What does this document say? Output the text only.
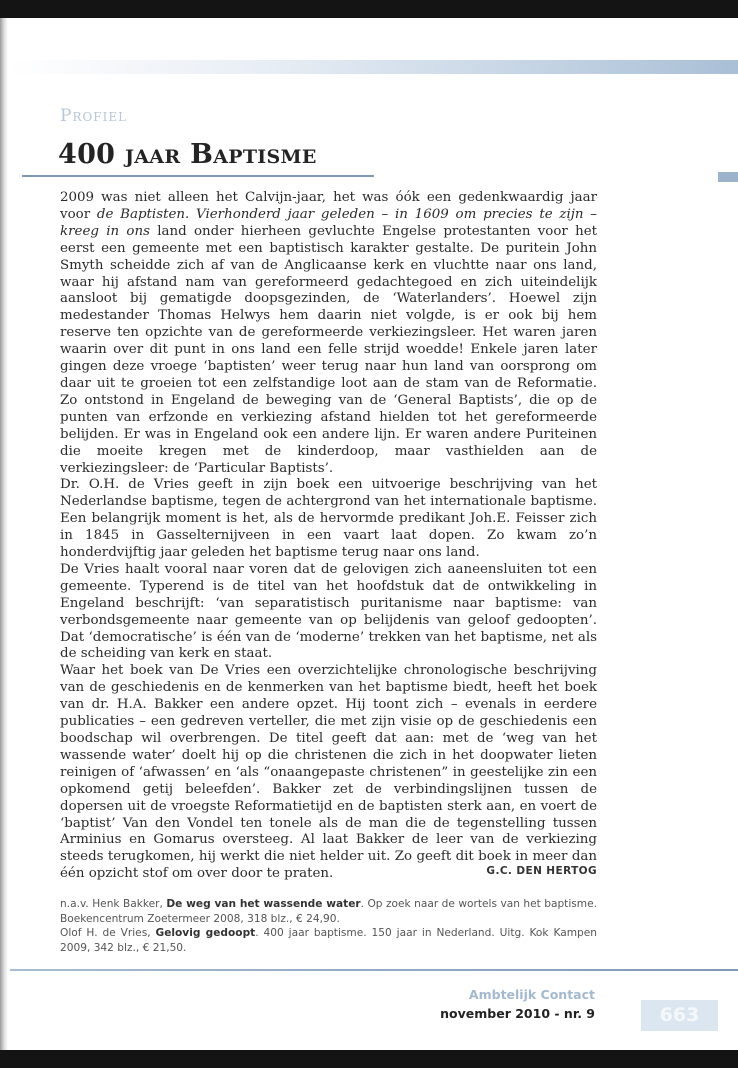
Profiel
400 jaar Baptisme

2009 was niet alleen het Calvijn-jaar, het was óók een gedenkwaardig jaar voor de Baptisten. Vierhonderd jaar geleden – in 1609 om precies te zijn – kreeg in ons land onder hierheen gevluchte Engelse protestanten voor het eerst een gemeente met een baptistisch karakter gestalte. De puritein John Smyth scheidde zich af van de Anglicaanse kerk en vluchtte naar ons land, waar hij afstand nam van gereformeerd gedachtegoed en zich uiteindelijk aansloot bij gematigde doopsgezinden, de ‘Waterlanders’. Hoewel zijn medestander Thomas Helwys hem daarin niet volgde, is er ook bij hem reserve ten opzichte van de gereformeerde verkiezingsleer. Het waren jaren waarin over dit punt in ons land een felle strijd woedde! Enkele jaren later gingen deze vroege ‘baptisten’ weer terug naar hun land van oorsprong om daar uit te groeien tot een zelfstandige loot aan de stam van de Reformatie. Zo ontstond in Engeland de beweging van de ‘General Baptists’, die op de punten van erfzonde en verkiezing afstand hielden tot het gereformeerde belijden. Er was in Engeland ook een andere lijn. Er waren andere Puriteinen die moeite kregen met de kinderdoop, maar vasthielden aan de verkiezingsleer: de ‘Particular Baptists’.

Dr. O.H. de Vries geeft in zijn boek een uitvoerige beschrijving van het Nederlandse baptisme, tegen de achtergrond van het internationale baptisme. Een belangrijk moment is het, als de hervormde predikant Joh.E. Feisser zich in 1845 in Gasselternijveen in een vaart laat dopen. Zo kwam zo’n honderdvijftig jaar geleden het baptisme terug naar ons land.

De Vries haalt vooral naar voren dat de gelovigen zich aaneensluiten tot een gemeente. Typerend is de titel van het hoofdstuk dat de ontwikkeling in Engeland beschrijft: ‘van separatistisch puritanisme naar baptisme: van verbondsgemeente naar gemeente van op belijdenis van geloof gedoopten’. Dat ‘democratische’ is één van de ‘moderne’ trekken van het baptisme, net als de scheiding van kerk en staat.

Waar het boek van De Vries een overzichtelijke chronologische beschrijving van de geschiedenis en de kenmerken van het baptisme biedt, heeft het boek van dr. H.A. Bakker een andere opzet. Hij toont zich – evenals in eerdere publicaties – een gedreven verteller, die met zijn visie op de geschiedenis een boodschap wil overbrengen. De titel geeft dat aan: met de ‘weg van het wassende water’ doelt hij op die christenen die zich in het doopwater lieten reinigen of ‘afwassen’ en ‘als “onaangepaste christenen” in geestelijke zin een opkomend getij beleefden’. Bakker zet de verbindingslijnen tussen de dopersen uit de vroegste Reformatietijd en de baptisten sterk aan, en voert de ‘baptist’ Van den Vondel ten tonele als de man die de tegenstelling tussen Arminius en Gomarus oversteeg. Al laat Bakker de leer van de verkiezing steeds terugkomen, hij werkt die niet helder uit. Zo geeft dit boek in meer dan één opzicht stof om over door te praten.	G.C. DEN HERTOG

n.a.v. Henk Bakker, De weg van het wassende water. Op zoek naar de wortels van het baptisme. Boekencentrum Zoetermeer 2008, 318 blz., € 24,90.

Olof H. de Vries, Gelovig gedoopt. 400 jaar baptisme. 150 jaar in Nederland. Uitg. Kok Kampen 2009, 342 blz., € 21,50.

Ambtelijk Contact
november 2010 - nr. 9	663
